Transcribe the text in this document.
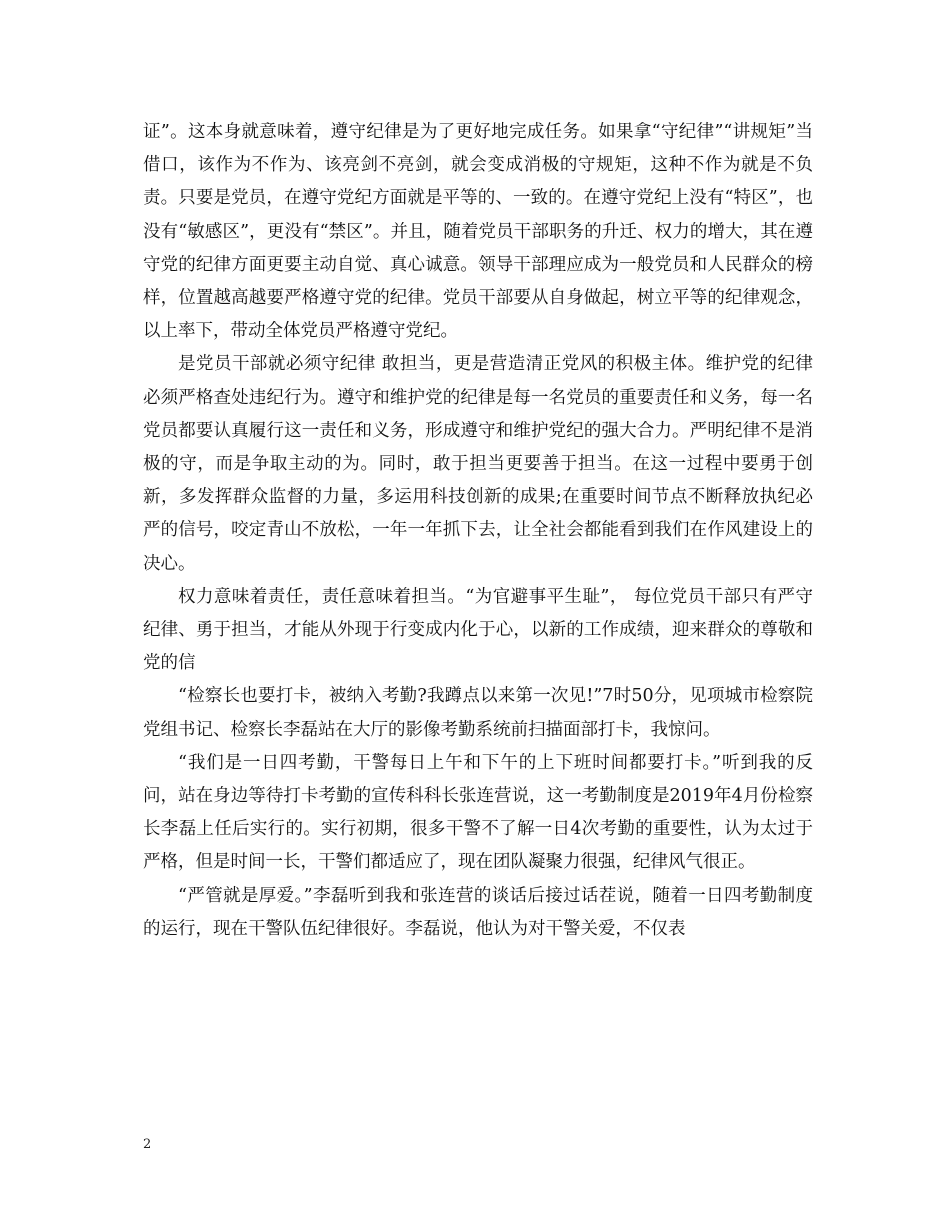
证”。这本身就意味着，遵守纪律是为了更好地完成任务。如果拿“守纪律”“讲规矩”当借口，该作为不作为、该亮剑不亮剑，就会变成消极的守规矩，这种不作为就是不负责。只要是党员，在遵守党纪方面就是平等的、一致的。在遵守党纪上没有“特区”，也没有“敏感区”，更没有“禁区”。并且，随着党员干部职务的升迁、权力的增大，其在遵守党的纪律方面更要主动自觉、真心诚意。领导干部理应成为一般党员和人民群众的榜样，位置越高越要严格遵守党的纪律。党员干部要从自身做起，树立平等的纪律观念，以上率下，带动全体党员严格遵守党纪。

是党员干部就必须守纪律 敢担当，更是营造清正党风的积极主体。维护党的纪律必须严格查处违纪行为。遵守和维护党的纪律是每一名党员的重要责任和义务，每一名党员都要认真履行这一责任和义务，形成遵守和维护党纪的强大合力。严明纪律不是消极的守，而是争取主动的为。同时，敢于担当更要善于担当。在这一过程中要勇于创新，多发挥群众监督的力量，多运用科技创新的成果;在重要时间节点不断释放执纪必严的信号，咬定青山不放松，一年一年抓下去，让全社会都能看到我们在作风建设上的决心。

权力意味着责任，责任意味着担当。“为官避事平生耻”， 每位党员干部只有严守纪律、勇于担当，才能从外现于行变成内化于心，以新的工作成绩，迎来群众的尊敬和党的信

“检察长也要打卡，被纳入考勤?我蹲点以来第一次见!”7时50分，见项城市检察院党组书记、检察长李磊站在大厅的影像考勤系统前扫描面部打卡，我惊问。

“我们是一日四考勤，干警每日上午和下午的上下班时间都要打卡。”听到我的反问，站在身边等待打卡考勤的宣传科科长张连营说，这一考勤制度是2019年4月份检察长李磊上任后实行的。实行初期，很多干警不了解一日4次考勤的重要性，认为太过于严格，但是时间一长，干警们都适应了，现在团队凝聚力很强，纪律风气很正。

“严管就是厚爱。”李磊听到我和张连营的谈话后接过话茬说，随着一日四考勤制度的运行，现在干警队伍纪律很好。李磊说，他认为对干警关爱，不仅表

2
